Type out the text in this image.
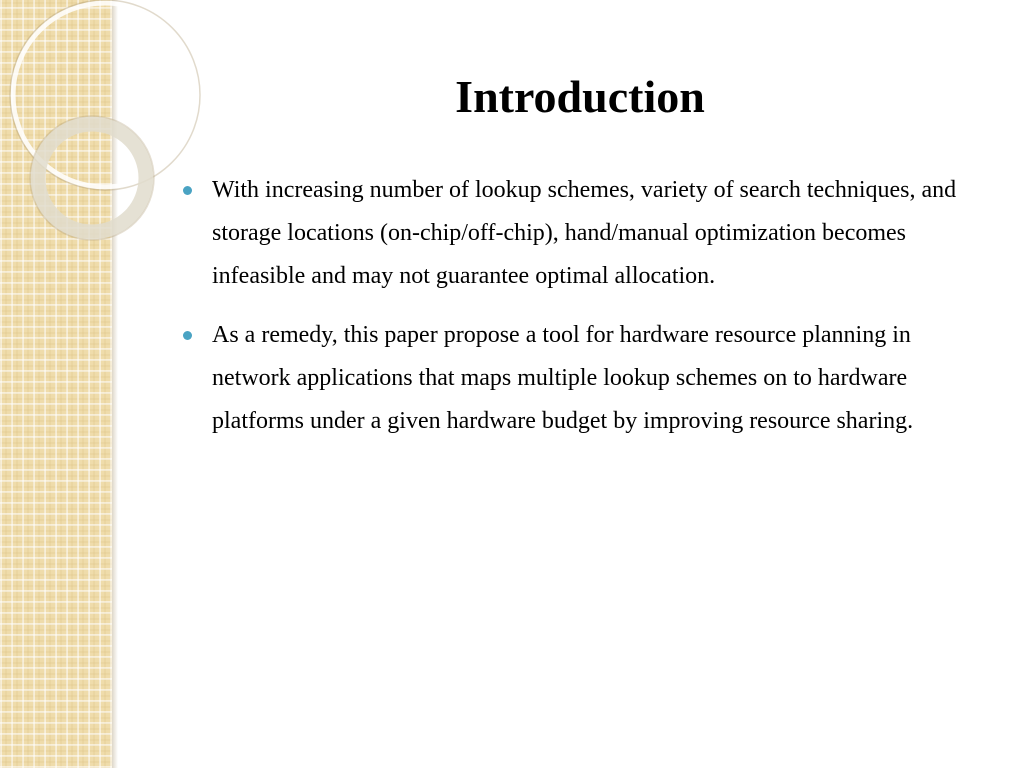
Introduction
With increasing number of lookup schemes, variety of search techniques, and storage locations (on-chip/off-chip), hand/manual optimization becomes infeasible and may not guarantee optimal allocation.
As a remedy, this paper propose a tool for hardware resource planning in network applications that maps multiple lookup schemes on to hardware platforms under a given hardware budget by improving resource sharing.
